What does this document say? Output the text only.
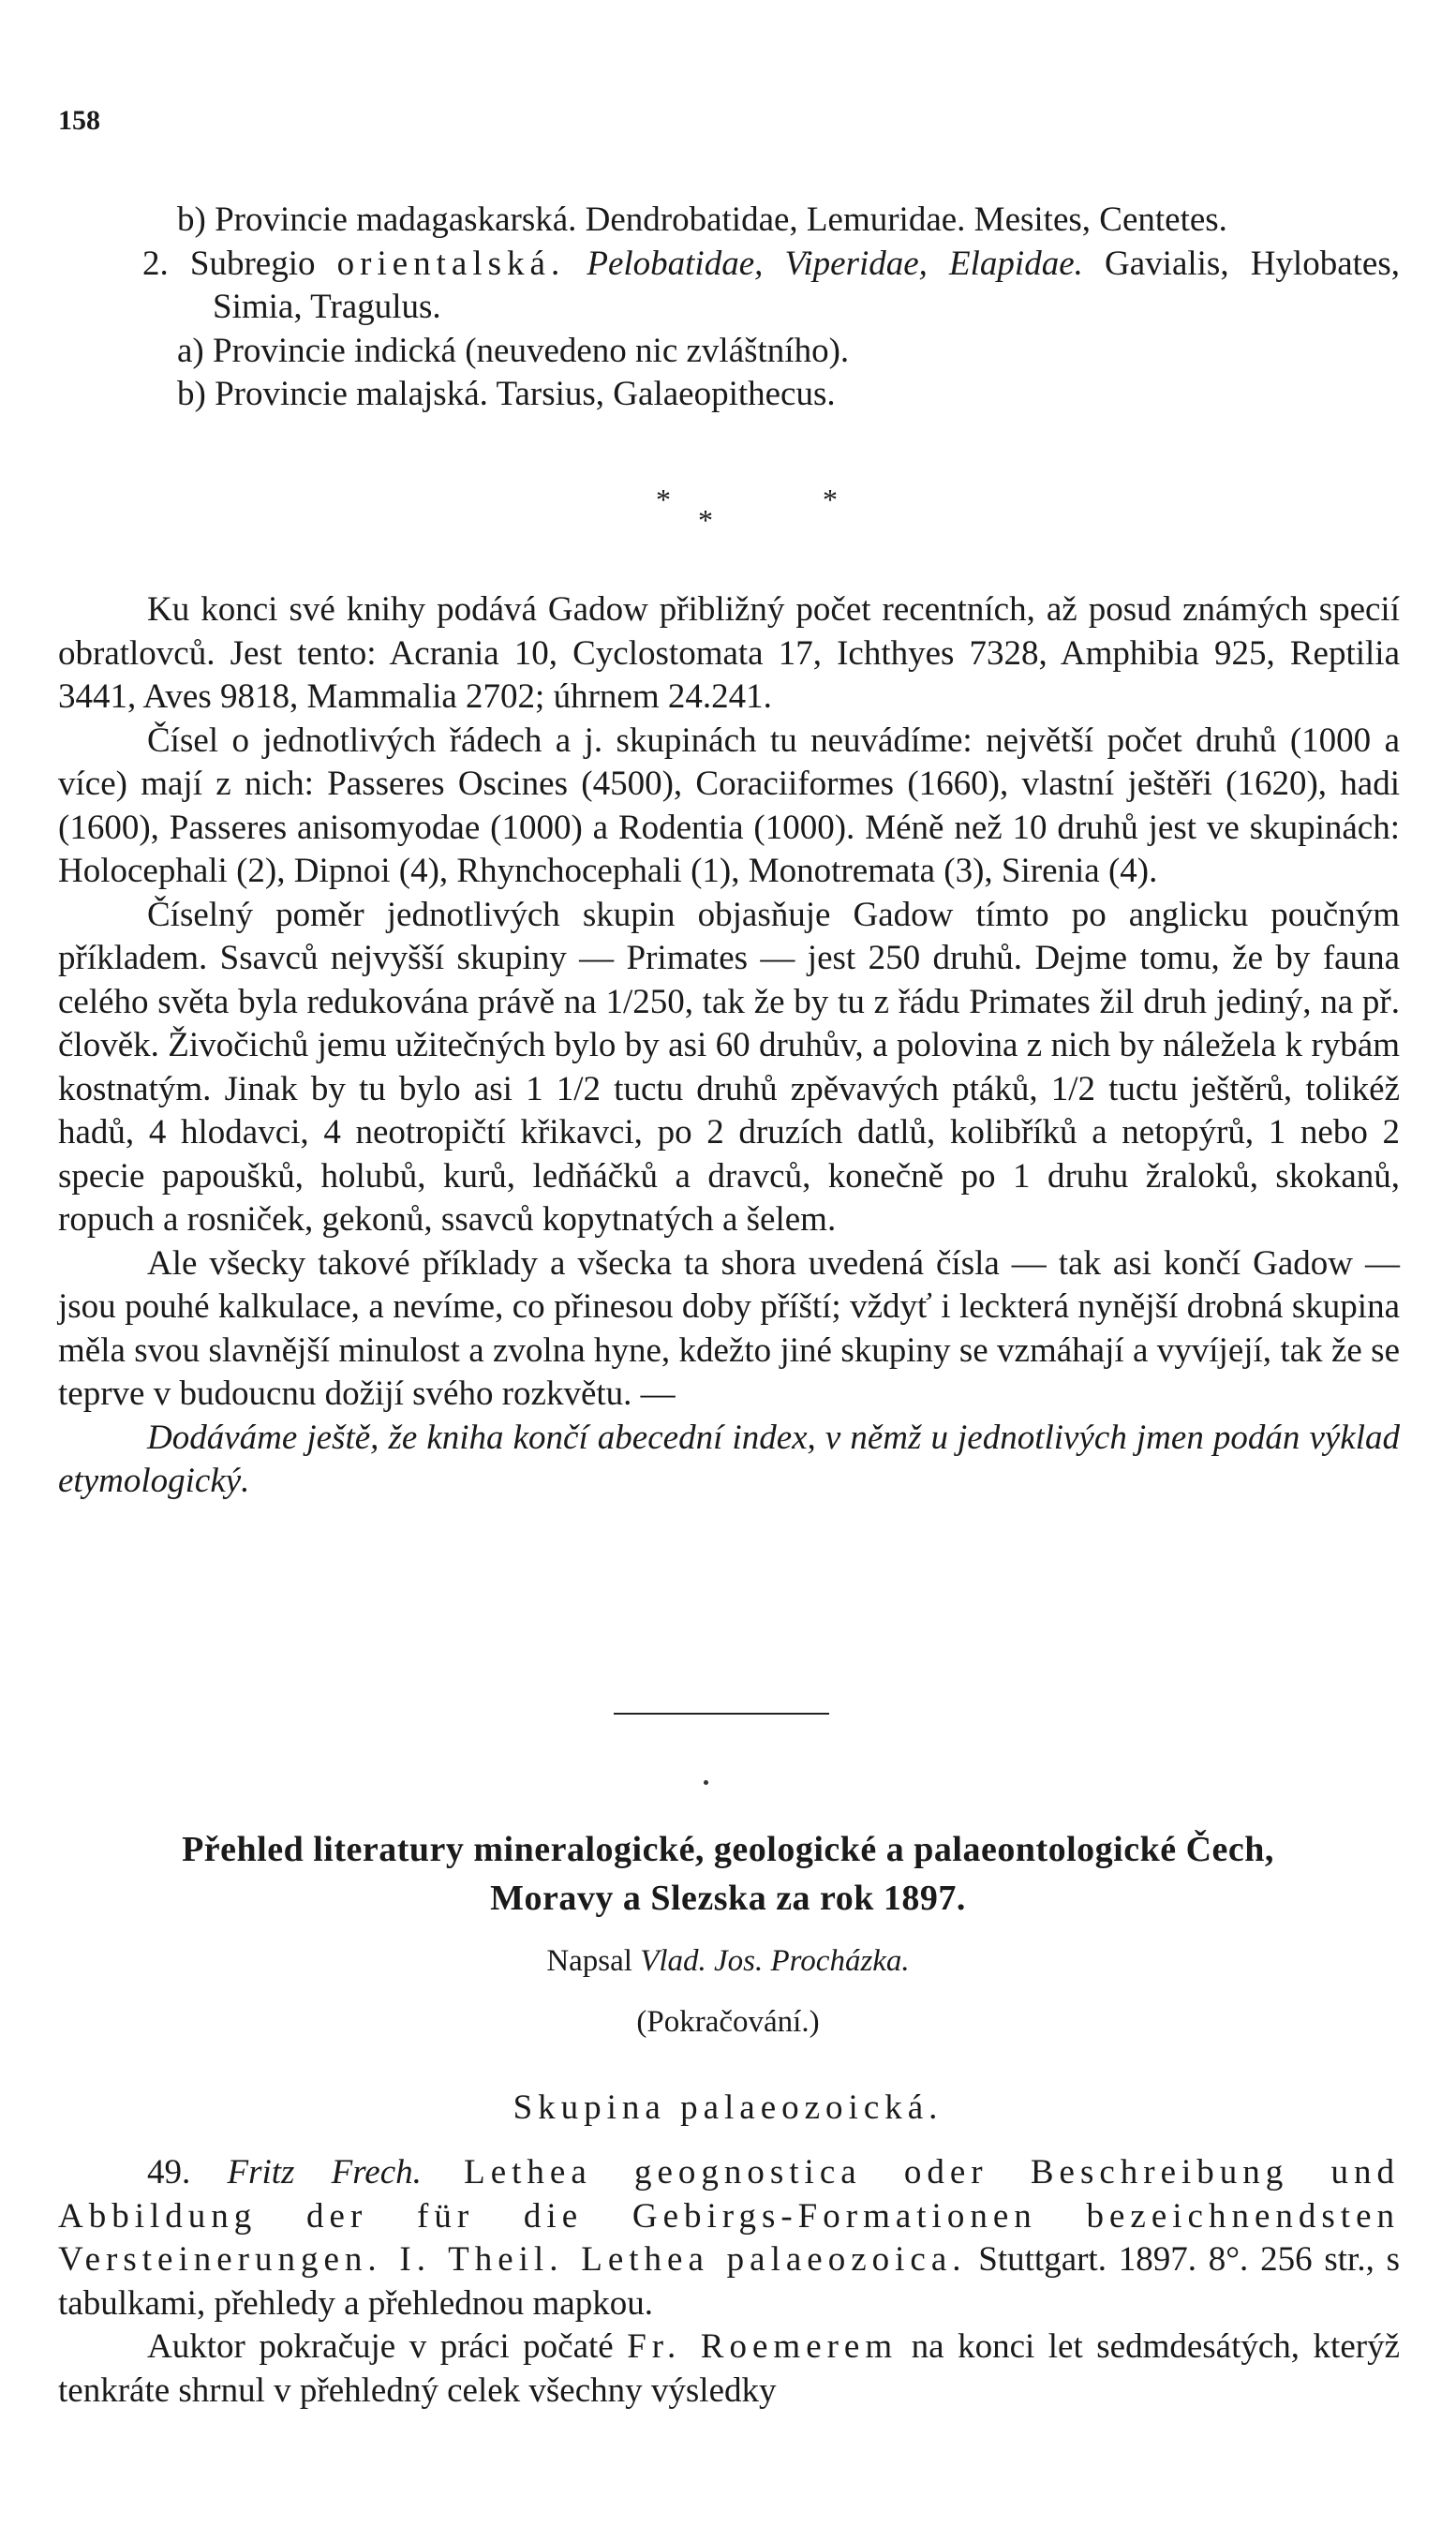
158

b) Provincie madagaskarská. Dendrobatidae, Lemuridae. Mesites, Centetes.

2. Subregio orientalská. Pelobatidae, Viperidae, Elapidae. Gavialis, Hylobates, Simia, Tragulus.

a) Provincie indická (neuvedeno nic zvláštního).

b) Provincie malajská. Tarsius, Galaeopithecus.

*
*
*

Ku konci své knihy podává Gadow přibližný počet recentních, až posud známých specií obratlovců. Jest tento: Acrania 10, Cyclostomata 17, Ichthyes 7328, Amphibia 925, Reptilia 3441, Aves 9818, Mammalia 2702; úhrnem 24.241.

Čísel o jednotlivých řádech a j. skupinách tu neuvádíme: největší počet druhů (1000 a více) mají z nich: Passeres Oscines (4500), Coraciiformes (1660), vlastní ještěři (1620), hadi (1600), Passeres anisomyodae (1000) a Rodentia (1000). Méně než 10 druhů jest ve skupinách: Holocephali (2), Dipnoi (4), Rhynchocephali (1), Monotremata (3), Sirenia (4).

Číselný poměr jednotlivých skupin objasňuje Gadow tímto po anglicku poučným příkladem. Ssavců nejvyšší skupiny — Primates — jest 250 druhů. Dejme tomu, že by fauna celého světa byla redukována právě na 1/250, tak že by tu z řádu Primates žil druh jediný, na př. člověk. Živočichů jemu užitečných bylo by asi 60 druhův, a polovina z nich by náležela k rybám kostnatým. Jinak by tu bylo asi 1 1/2 tuctu druhů zpěvavých ptáků, 1/2 tuctu ještěrů, tolikéž hadů, 4 hlodavci, 4 neotropičtí křikavci, po 2 druzích datlů, kolibříků a netopýrů, 1 nebo 2 specie papoušků, holubů, kurů, ledňáčků a dravců, konečně po 1 druhu žraloků, skokanů, ropuch a rosniček, gekonů, ssavců kopytnatých a šelem.

Ale všecky takové příklady a všecka ta shora uvedená čísla — tak asi končí Gadow — jsou pouhé kalkulace, a nevíme, co přinesou doby příští; vždyť i leckterá nynější drobná skupina měla svou slavnější minulost a zvolna hyne, kdežto jiné skupiny se vzmáhají a vyvíjejí, tak že se teprve v budoucnu dožijí svého rozkvětu. —

Dodáváme ještě, že kniha končí abecední index, v němž u jednotlivých jmen podán výklad etymologický.

Přehled literatury mineralogické, geologické a palaeontologické Čech,
Moravy a Slezska za rok 1897.
Napsal Vlad. Jos. Procházka.
(Pokračování.)
Skupina palaeozoická.

49. Fritz Frech. Lethea geognostica oder Beschreibung und Abbildung der für die Gebirgs-Formationen bezeichnendsten Versteinerungen. I. Theil. Lethea palaeozoica. Stuttgart. 1897. 8°. 256 str., s tabulkami, přehledy a přehlednou mapkou.

Auktor pokračuje v práci počaté Fr. Roemerem na konci let sedmdesátých, kterýž tenkráte shrnul v přehledný celek všechny výsledky
